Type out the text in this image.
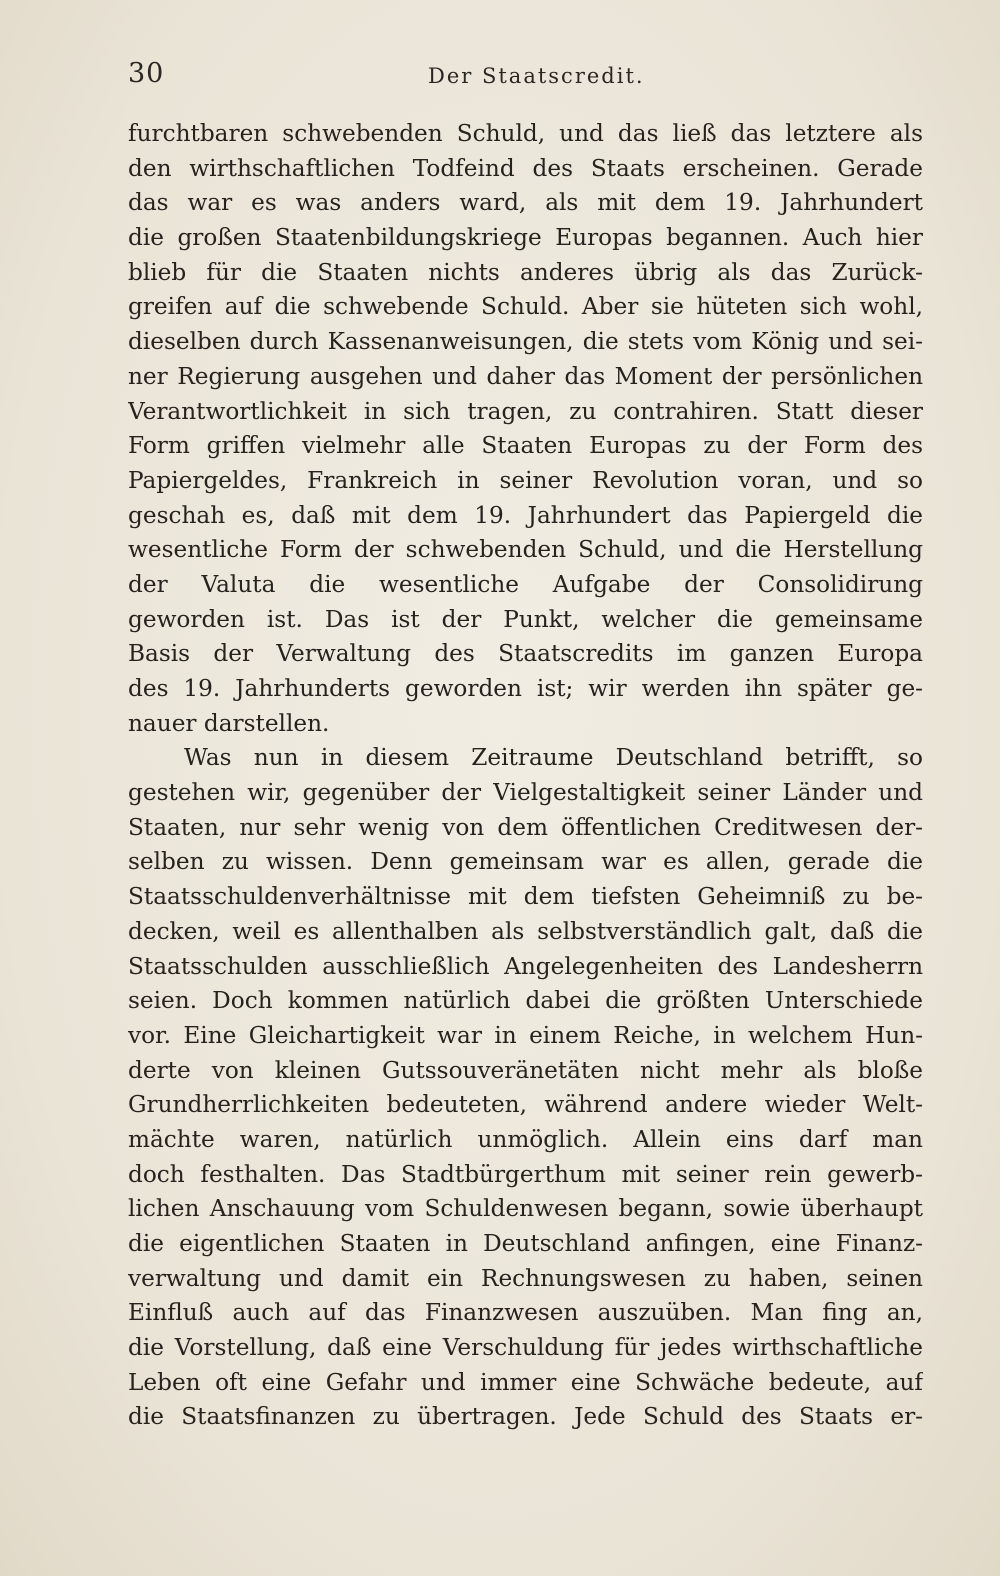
30	Der Staatscredit.
furchtbaren schwebenden Schuld, und das ließ das letztere als
den wirthschaftlichen Todfeind des Staats erscheinen. Gerade
das war es was anders ward, als mit dem 19. Jahrhundert
die großen Staatenbildungskriege Europas begannen. Auch hier
blieb für die Staaten nichts anderes übrig als das Zurück-
greifen auf die schwebende Schuld. Aber sie hüteten sich wohl,
dieselben durch Kassenanweisungen, die stets vom König und sei-
ner Regierung ausgehen und daher das Moment der persönlichen
Verantwortlichkeit in sich tragen, zu contrahiren. Statt dieser
Form griffen vielmehr alle Staaten Europas zu der Form des
Papiergeldes, Frankreich in seiner Revolution voran, und so
geschah es, daß mit dem 19. Jahrhundert das Papiergeld die
wesentliche Form der schwebenden Schuld, und die Herstellung
der Valuta die wesentliche Aufgabe der Consolidirung
geworden ist. Das ist der Punkt, welcher die gemeinsame
Basis der Verwaltung des Staatscredits im ganzen Europa
des 19. Jahrhunderts geworden ist; wir werden ihn später ge-
nauer darstellen.
Was nun in diesem Zeitraume Deutschland betrifft, so
gestehen wir, gegenüber der Vielgestaltigkeit seiner Länder und
Staaten, nur sehr wenig von dem öffentlichen Creditwesen der-
selben zu wissen. Denn gemeinsam war es allen, gerade die
Staatsschuldenverhältnisse mit dem tiefsten Geheimniß zu be-
decken, weil es allenthalben als selbstverständlich galt, daß die
Staatsschulden ausschließlich Angelegenheiten des Landesherrn
seien. Doch kommen natürlich dabei die größten Unterschiede
vor. Eine Gleichartigkeit war in einem Reiche, in welchem Hun-
derte von kleinen Gutssouveränetäten nicht mehr als bloße
Grundherrlichkeiten bedeuteten, während andere wieder Welt-
mächte waren, natürlich unmöglich. Allein eins darf man
doch festhalten. Das Stadtbürgerthum mit seiner rein gewerb-
lichen Anschauung vom Schuldenwesen begann, sowie überhaupt
die eigentlichen Staaten in Deutschland anfingen, eine Finanz-
verwaltung und damit ein Rechnungswesen zu haben, seinen
Einfluß auch auf das Finanzwesen auszuüben. Man fing an,
die Vorstellung, daß eine Verschuldung für jedes wirthschaftliche
Leben oft eine Gefahr und immer eine Schwäche bedeute, auf
die Staatsfinanzen zu übertragen. Jede Schuld des Staats er-
